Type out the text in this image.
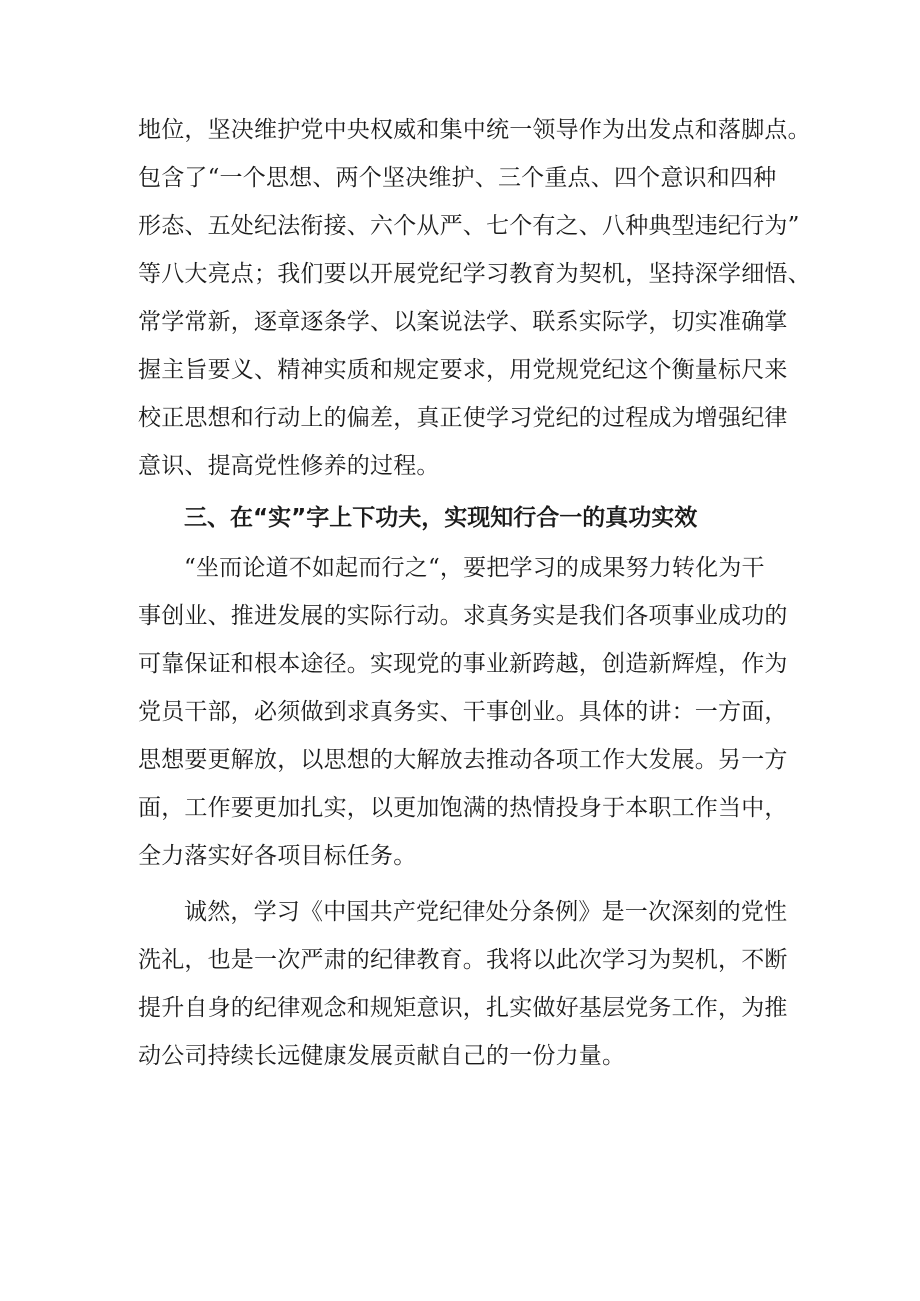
地位，坚决维护党中央权威和集中统一领导作为出发点和落脚点。
包含了“一个思想、两个坚决维护、三个重点、四个意识和四种
形态、五处纪法衔接、六个从严、七个有之、八种典型违纪行为”
等八大亮点；我们要以开展党纪学习教育为契机，坚持深学细悟、
常学常新，逐章逐条学、以案说法学、联系实际学，切实准确掌
握主旨要义、精神实质和规定要求，用党规党纪这个衡量标尺来
校正思想和行动上的偏差，真正使学习党纪的过程成为增强纪律
意识、提高党性修养的过程。
三、在“实”字上下功夫，实现知行合一的真功实效
“坐而论道不如起而行之“，要把学习的成果努力转化为干
事创业、推进发展的实际行动。求真务实是我们各项事业成功的
可靠保证和根本途径。实现党的事业新跨越，创造新辉煌，作为
党员干部，必须做到求真务实、干事创业。具体的讲：一方面，
思想要更解放，以思想的大解放去推动各项工作大发展。另一方
面，工作要更加扎实，以更加饱满的热情投身于本职工作当中，
全力落实好各项目标任务。
诚然，学习《中国共产党纪律处分条例》是一次深刻的党性
洗礼，也是一次严肃的纪律教育。我将以此次学习为契机，不断
提升自身的纪律观念和规矩意识，扎实做好基层党务工作，为推
动公司持续长远健康发展贡献自己的一份力量。
